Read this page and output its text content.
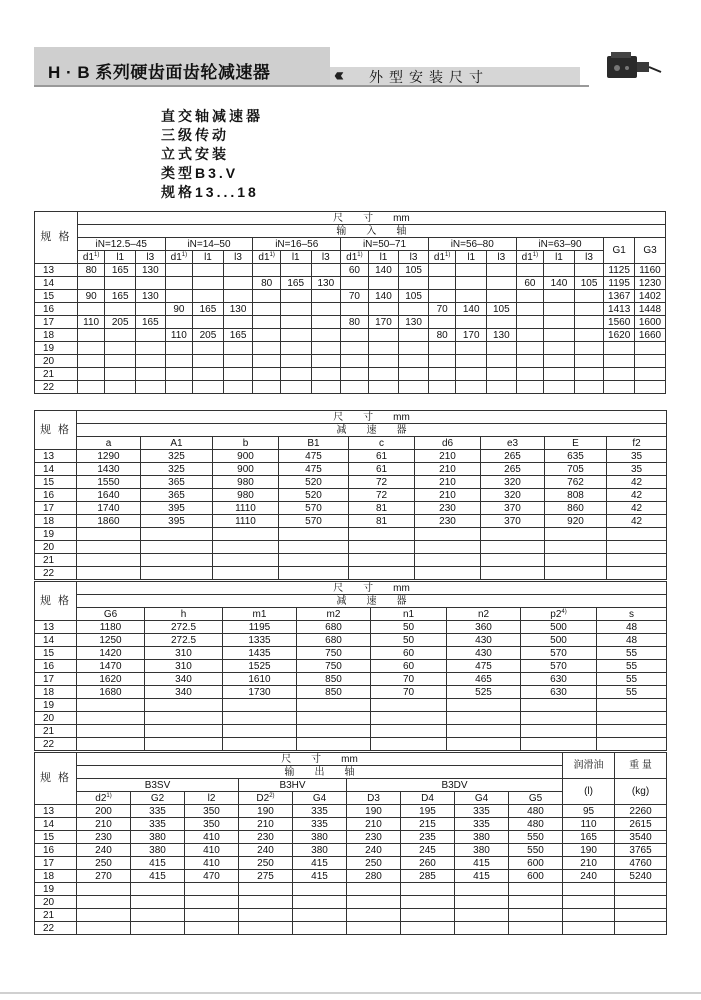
H · B 系列硬齿面齿轮减速器	‹‹‹ 外型安装尺寸
直交轴减速器
三级传动
立式安装
类型B3.V
规格13...18
规 格	尺　　寸　　mm																			
	输　　入　　轴																			
	iN=12.5–45			iN=14–50			iN=16–56			iN=50–71			iN=56–80			iN=63–90			G1	G3
	d1$^{1)}$	l1	l3	d1$^{1)}$	l1	l3	d1$^{1)}$	l1	l3	d1$^{1)}$	l1	l3	d1$^{1)}$	l1	l3	d1$^{1)}$	l1	l3		
13	80	165	130							60	140	105							1125	1160
14							80	165	130							60	140	105	1195	1230
15	90	165	130							70	140	105							1367	1402
16				90	165	130							70	140	105				1413	1448
17	110	205	165							80	170	130							1560	1600
18				110	205	165							80	170	130				1620	1660
19																				
20																				
21																				
22																				
规 格	尺　　寸　　mm								
	减　　速　　器								
	a	A1	b	B1	c	d6	e3	E	f2
13	1290	325	900	475	61	210	265	635	35
14	1430	325	900	475	61	210	265	705	35
15	1550	365	980	520	72	210	320	762	42
16	1640	365	980	520	72	210	320	808	42
17	1740	395	1110	570	81	230	370	860	42
18	1860	395	1110	570	81	230	370	920	42
19									
20									
21									
22									
规 格	尺　　寸　　mm							
	减　　速　　器							
	G6	h	m1	m2	n1	n2	p2$^{4)}$	s
13	1180	272.5	1195	680	50	360	500	48
14	1250	272.5	1335	680	50	430	500	48
15	1420	310	1435	750	60	430	570	55
16	1470	310	1525	750	60	475	570	55
17	1620	340	1610	850	70	465	630	55
18	1680	340	1730	850	70	525	630	55
19								
20								
21								
22								
规 格	尺　　寸　　mm									润滑油	重 量
	输　　出　　轴										
	B3SV			B3HV		B3DV				(l)	(kg)
	d2$^{1)}$	G2	l2	D2$^{2)}$	G4	D3	D4	G4	G5		
13	200	335	350	190	335	190	195	335	480	95	2260
14	210	335	350	210	335	210	215	335	480	110	2615
15	230	380	410	230	380	230	235	380	550	165	3540
16	240	380	410	240	380	240	245	380	550	190	3765
17	250	415	410	250	415	250	260	415	600	210	4760
18	270	415	470	275	415	280	285	415	600	240	5240
19											
20											
21											
22											
